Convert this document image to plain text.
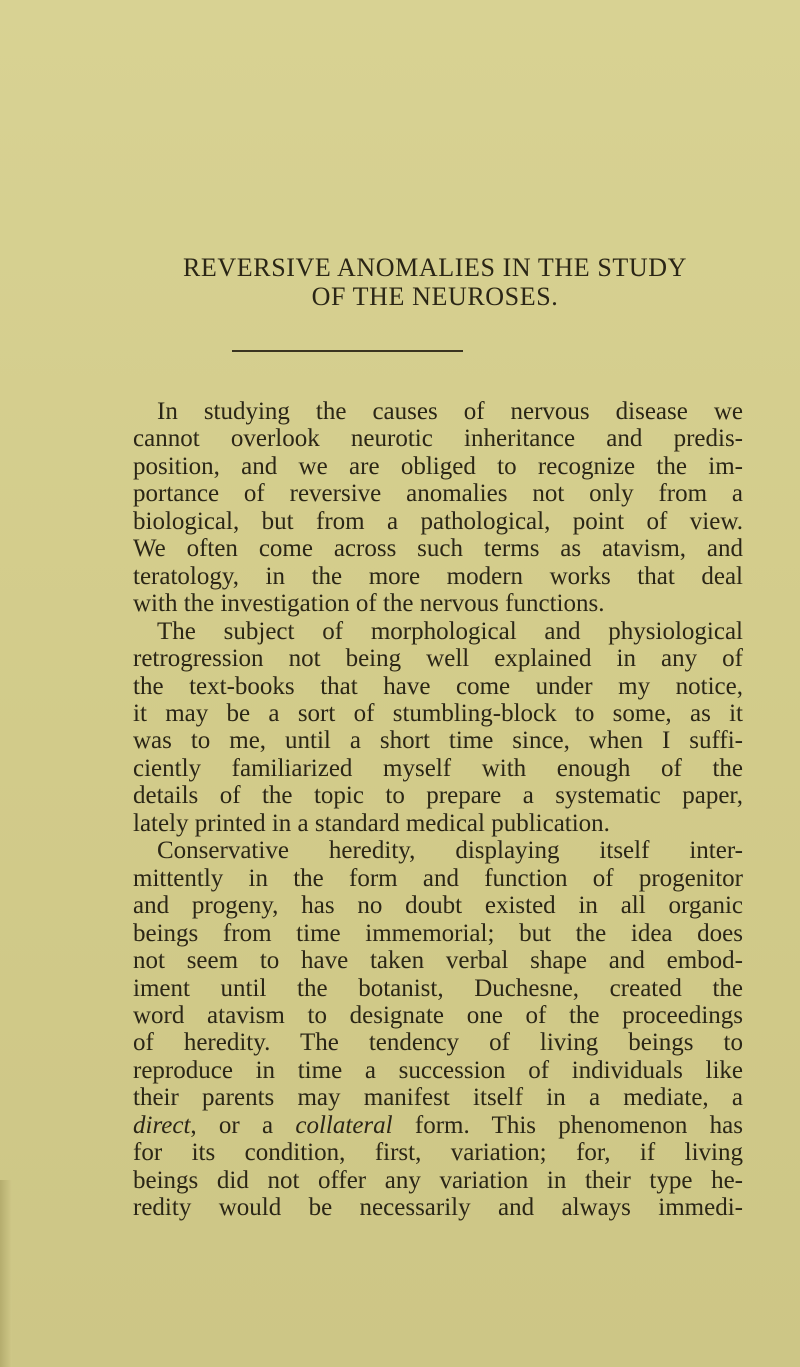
REVERSIVE ANOMALIES IN THE STUDY
OF THE NEUROSES.
In studying the causes of nervous disease we
cannot overlook neurotic inheritance and predis-
position, and we are obliged to recognize the im-
portance of reversive anomalies not only from a
biological, but from a pathological, point of view.
We often come across such terms as atavism, and
teratology, in the more modern works that deal
with the investigation of the nervous functions.
The subject of morphological and physiological
retrogression not being well explained in any of
the text-books that have come under my notice,
it may be a sort of stumbling-block to some, as it
was to me, until a short time since, when I suffi-
ciently familiarized myself with enough of the
details of the topic to prepare a systematic paper,
lately printed in a standard medical publication.
Conservative heredity, displaying itself inter-
mittently in the form and function of progenitor
and progeny, has no doubt existed in all organic
beings from time immemorial; but the idea does
not seem to have taken verbal shape and embod-
iment until the botanist, Duchesne, created the
word atavism to designate one of the proceedings
of heredity. The tendency of living beings to
reproduce in time a succession of individuals like
their parents may manifest itself in a mediate, a
direct, or a collateral form. This phenomenon has
for its condition, first, variation; for, if living
beings did not offer any variation in their type he-
redity would be necessarily and always immedi-
